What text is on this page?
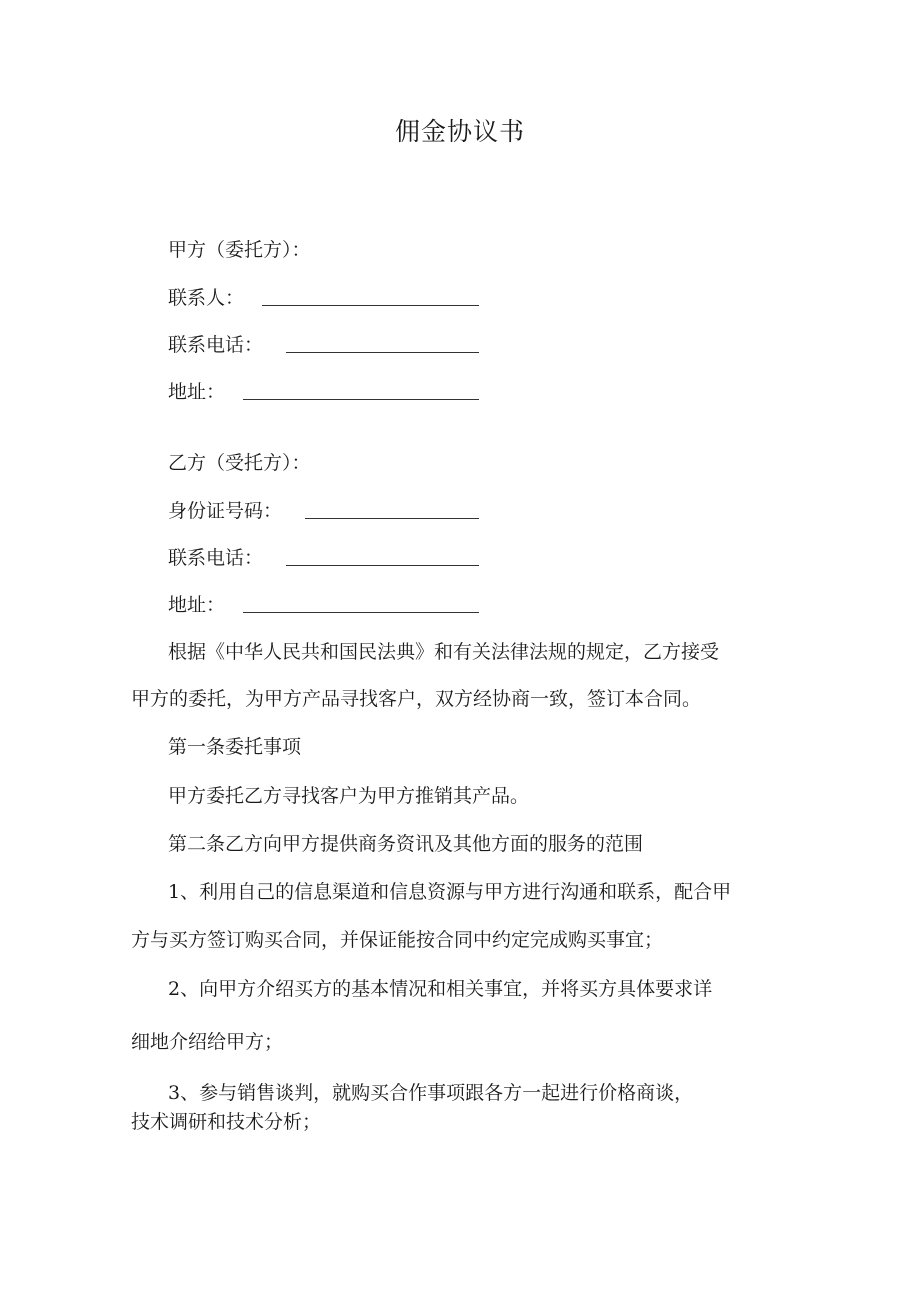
佣金协议书
甲方（委托方）：
联系人：
联系电话：
地址：
乙方（受托方）：
身份证号码：
联系电话：
地址：
根据《中华人民共和国民法典》和有关法律法规的规定，乙方接受
甲方的委托，为甲方产品寻找客户，双方经协商一致，签订本合同。
第一条委托事项
甲方委托乙方寻找客户为甲方推销其产品。
第二条乙方向甲方提供商务资讯及其他方面的服务的范围
1、利用自己的信息渠道和信息资源与甲方进行沟通和联系，配合甲
方与买方签订购买合同，并保证能按合同中约定完成购买事宜；
2、向甲方介绍买方的基本情况和相关事宜，并将买方具体要求详
细地介绍给甲方；
3、参与销售谈判，就购买合作事项跟各方一起进行价格商谈，
技术调研和技术分析；
